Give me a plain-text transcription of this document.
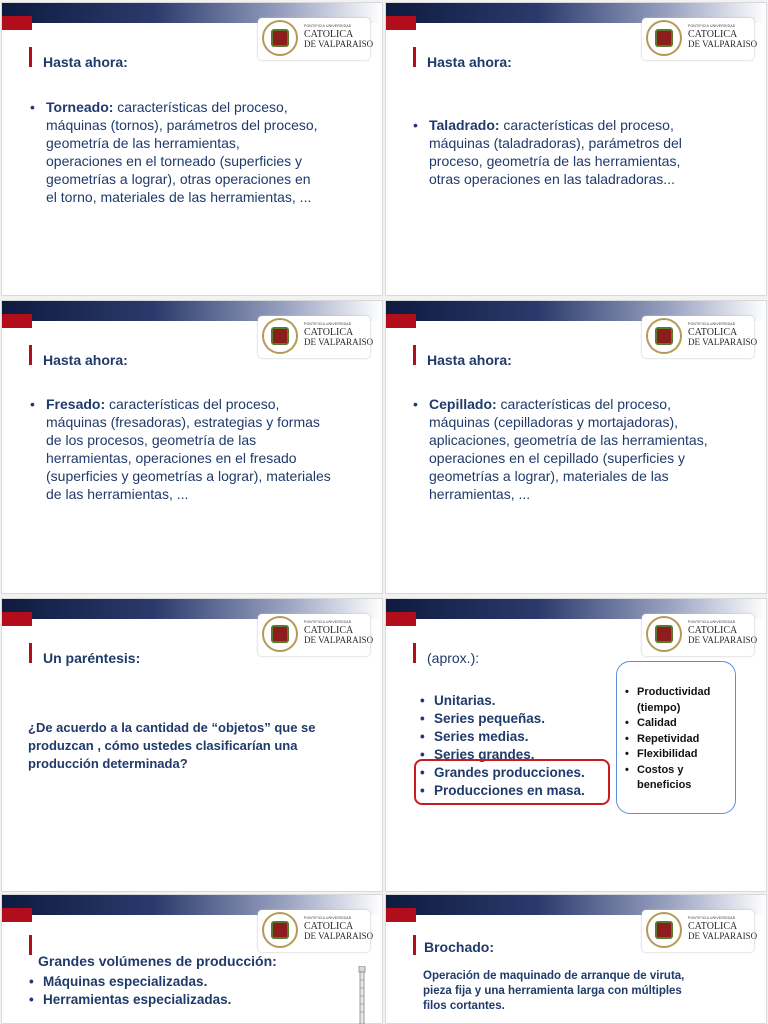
PONTIFICIA UNIVERSIDAD
CATOLICA
DE VALPARAISO
Hasta ahora:
• Torneado: características del proceso,
máquinas (tornos), parámetros del proceso,
geometría de las herramientas,
operaciones en el torneado (superficies y
geometrías a lograr), otras operaciones en
el torno, materiales de las herramientas, ...
PONTIFICIA UNIVERSIDAD
CATOLICA
DE VALPARAISO
Hasta ahora:
• Taladrado: características del proceso,
máquinas (taladradoras), parámetros del
proceso, geometría de las herramientas,
otras operaciones en las taladradoras...
PONTIFICIA UNIVERSIDAD
CATOLICA
DE VALPARAISO
Hasta ahora:
• Fresado: características del proceso,
máquinas (fresadoras), estrategias y formas
de los procesos, geometría de las
herramientas, operaciones en el fresado
(superficies y geometrías a lograr), materiales
de las herramientas, ...
PONTIFICIA UNIVERSIDAD
CATOLICA
DE VALPARAISO
Hasta ahora:
• Cepillado: características del proceso,
máquinas (cepilladoras y mortajadoras),
aplicaciones, geometría de las herramientas,
operaciones en el cepillado (superficies y
geometrías a lograr), materiales de las
herramientas, ...
PONTIFICIA UNIVERSIDAD
CATOLICA
DE VALPARAISO
Un paréntesis:
¿De acuerdo a la cantidad de “objetos” que se
produzcan , cómo ustedes clasificarían una
producción determinada?
PONTIFICIA UNIVERSIDAD
CATOLICA
DE VALPARAISO
(aprox.):
• Unitarias.
• Series pequeñas.
• Series medias.
• Series grandes.
• Grandes producciones.
• Producciones en masa.
• Productividad (tiempo)
• Calidad
• Repetividad
• Flexibilidad
• Costos y beneficios
PONTIFICIA UNIVERSIDAD
CATOLICA
DE VALPARAISO
Grandes volúmenes de producción:
• Máquinas especializadas.
• Herramientas especializadas.
PONTIFICIA UNIVERSIDAD
CATOLICA
DE VALPARAISO
Brochado:
Operación de maquinado de arranque de viruta,
pieza fija y una herramienta larga con múltiples
filos cortantes.
